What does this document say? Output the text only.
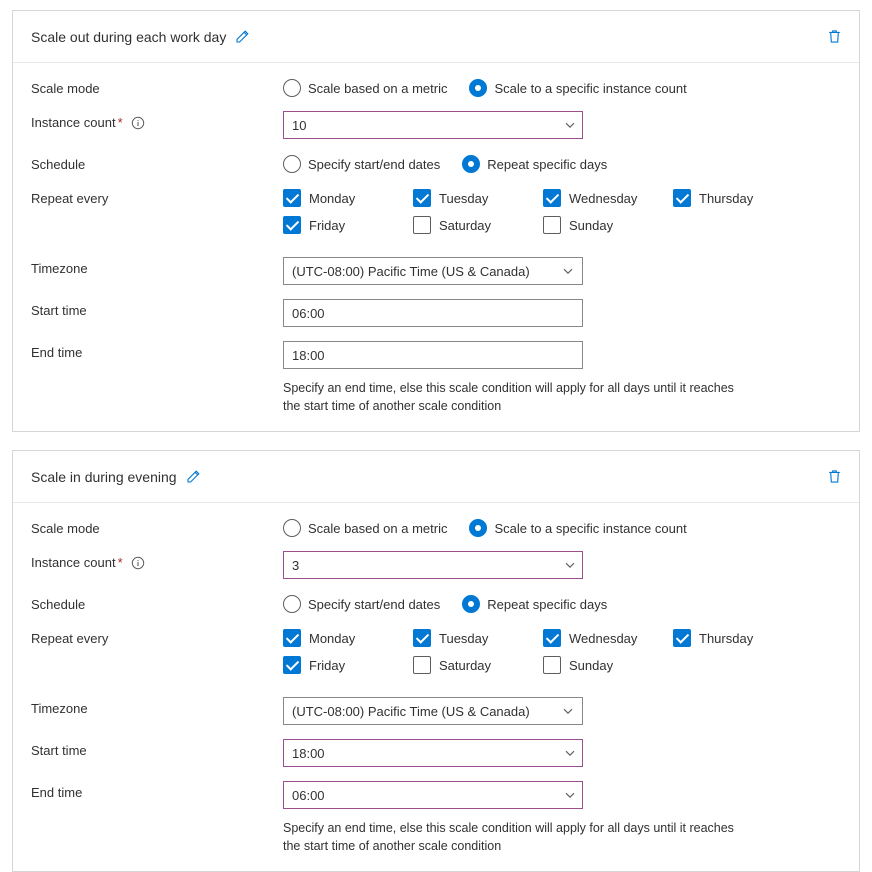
Scale out during each work day
Scale mode	Scale based on a metric	Scale to a specific instance count
Instance count *	10
Schedule	Specify start/end dates	Repeat specific days
Repeat every	Monday	Tuesday	Wednesday	Thursday
Friday	Saturday	Sunday
Timezone	(UTC-08:00) Pacific Time (US & Canada)
Start time	06:00
End time	18:00
Specify an end time, else this scale condition will apply for all days until it reaches the start time of another scale condition
Scale in during evening
Scale mode	Scale based on a metric	Scale to a specific instance count
Instance count *	3
Schedule	Specify start/end dates	Repeat specific days
Repeat every	Monday	Tuesday	Wednesday	Thursday
Friday	Saturday	Sunday
Timezone	(UTC-08:00) Pacific Time (US & Canada)
Start time	18:00
End time	06:00
Specify an end time, else this scale condition will apply for all days until it reaches the start time of another scale condition
